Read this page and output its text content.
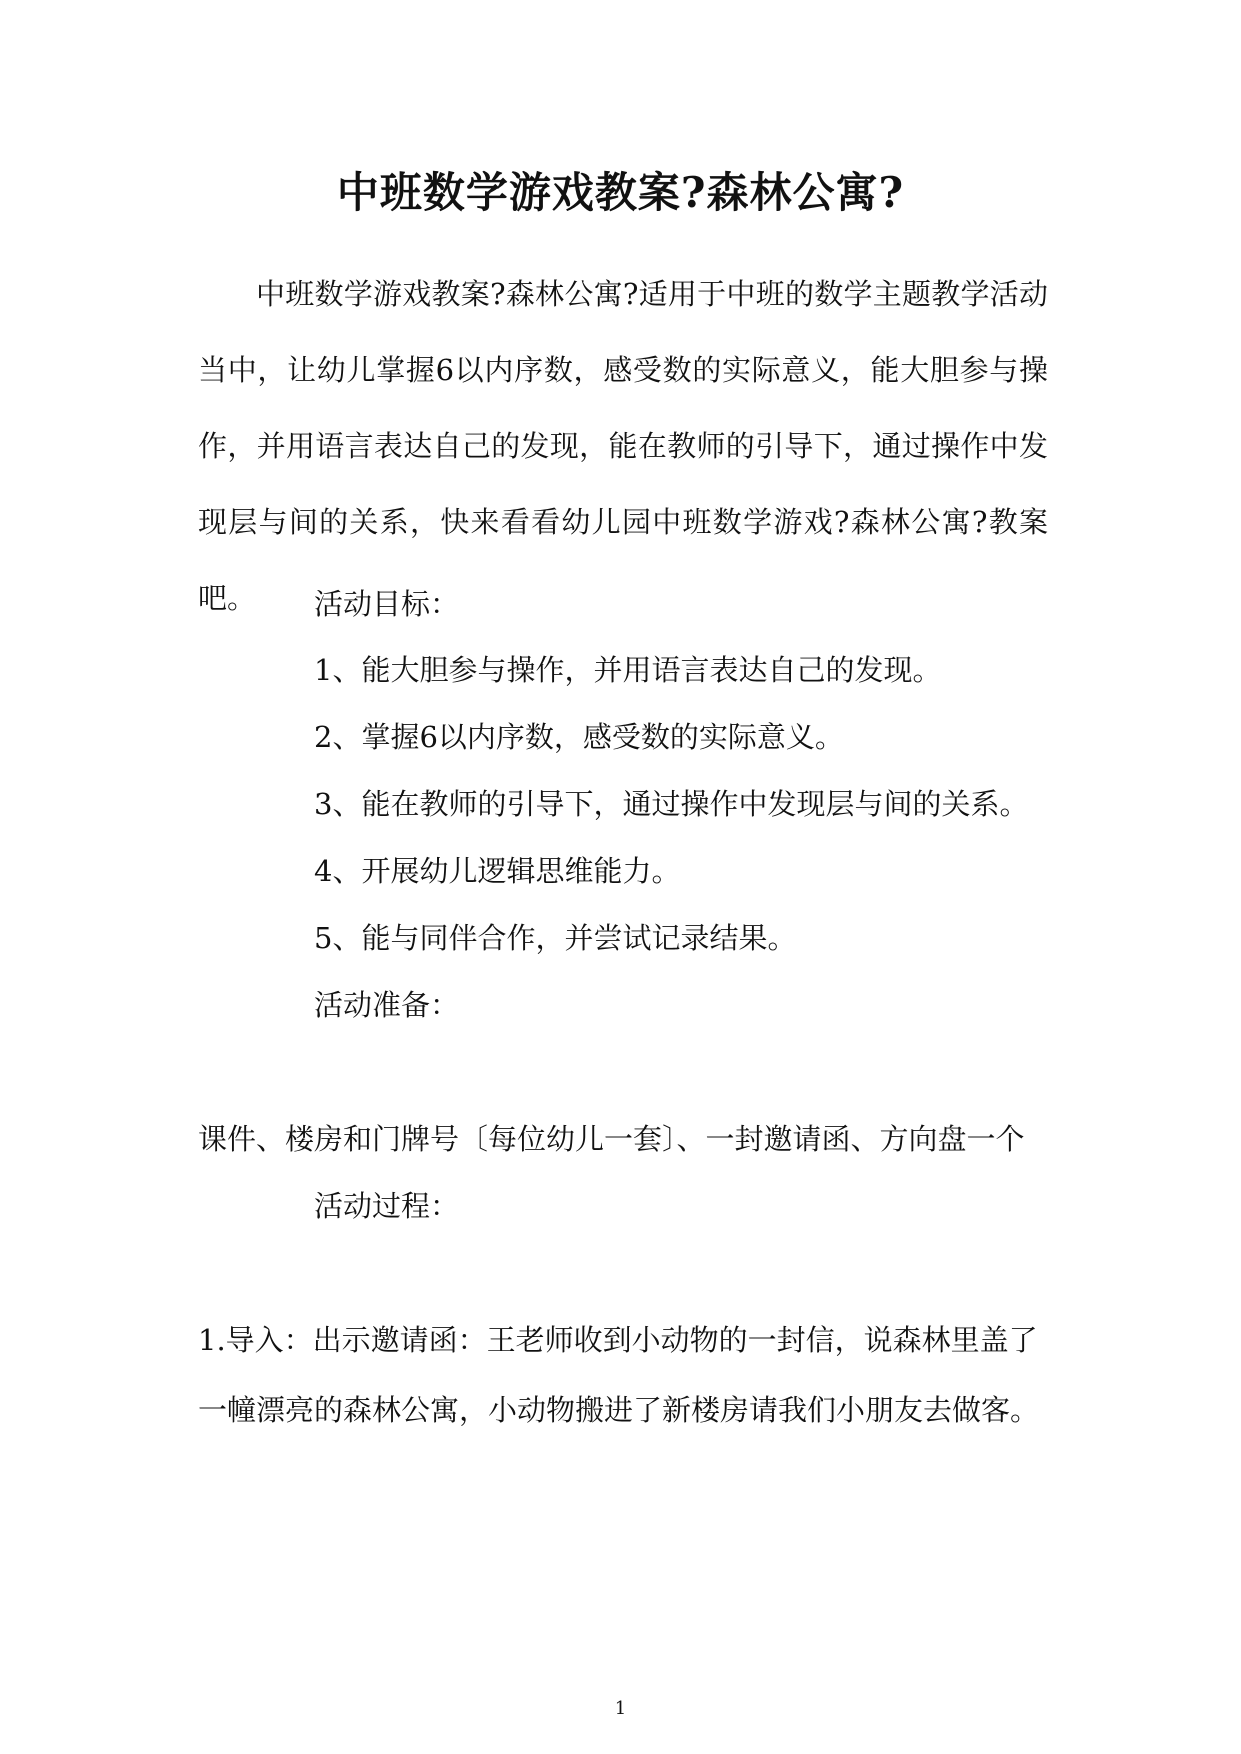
中班数学游戏教案?森林公寓?
中班数学游戏教案?森林公寓?适用于中班的数学主题教学活动当中，让幼儿掌握6以内序数，感受数的实际意义，能大胆参与操作，并用语言表达自己的发现，能在教师的引导下，通过操作中发现层与间的关系，快来看看幼儿园中班数学游戏?森林公寓?教案吧。	活动目标：
1、能大胆参与操作，并用语言表达自己的发现。
2、掌握6以内序数，感受数的实际意义。
3、能在教师的引导下，通过操作中发现层与间的关系。
4、开展幼儿逻辑思维能力。
5、能与同伴合作，并尝试记录结果。
活动准备：
课件、楼房和门牌号〔每位幼儿一套〕、一封邀请函、方向盘一个
活动过程：
1.导入：出示邀请函：王老师收到小动物的一封信，说森林里盖了
一幢漂亮的森林公寓，小动物搬进了新楼房请我们小朋友去做客。
1
